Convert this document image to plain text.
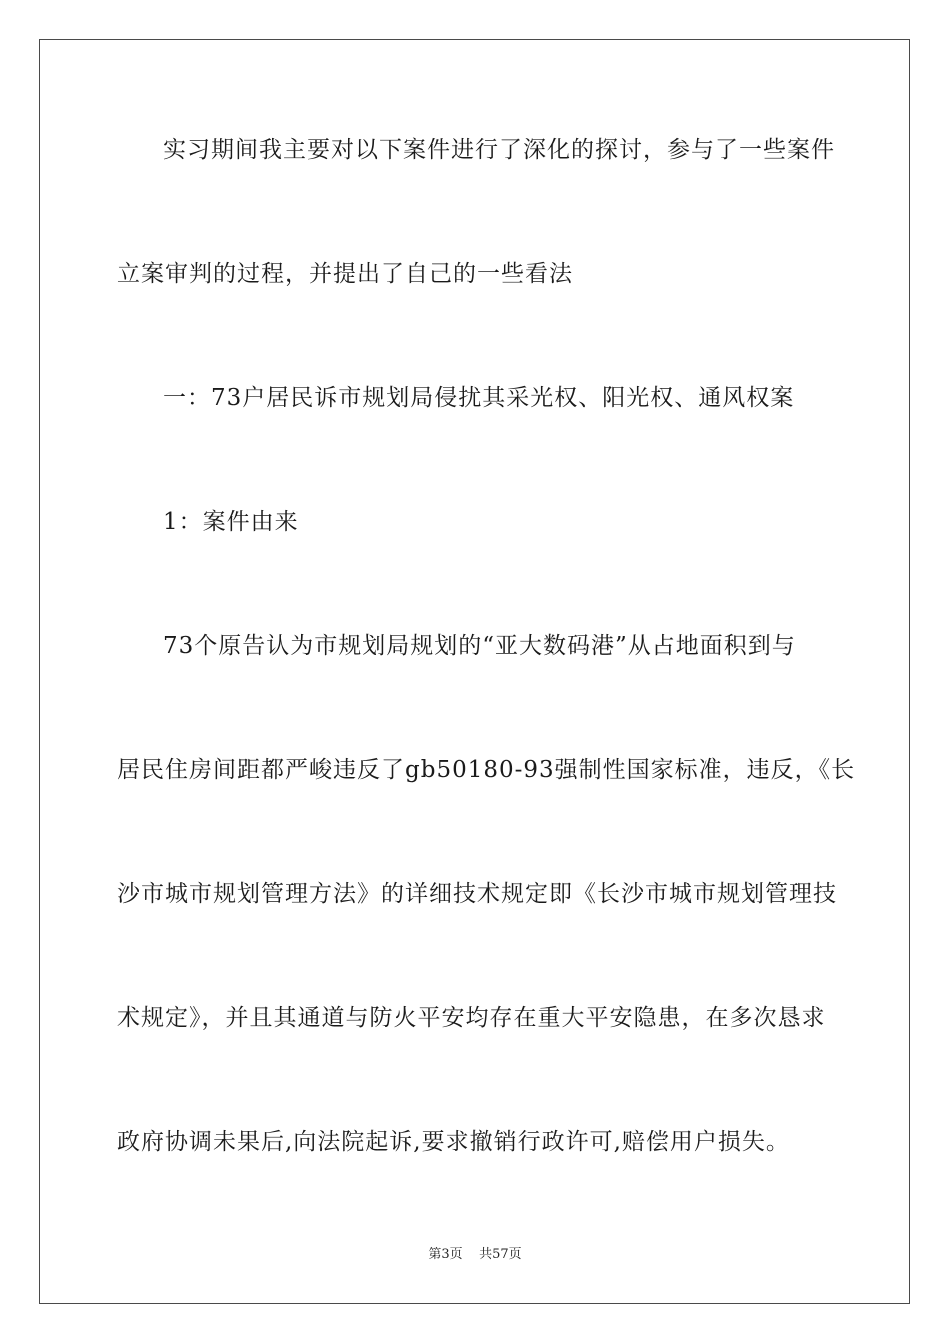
实习期间我主要对以下案件进行了深化的探讨，参与了一些案件
立案审判的过程，并提出了自己的一些看法
一：73户居民诉市规划局侵扰其采光权、阳光权、通风权案
1：案件由来
73个原告认为市规划局规划的“亚大数码港”从占地面积到与
居民住房间距都严峻违反了gb50180-93强制性国家标准，违反，《长
沙市城市规划管理方法》的详细技术规定即《长沙市城市规划管理技
术规定》，并且其通道与防火平安均存在重大平安隐患，在多次恳求
政府协调未果后,向法院起诉,要求撤销行政许可,赔偿用户损失。
第3页 共57页
